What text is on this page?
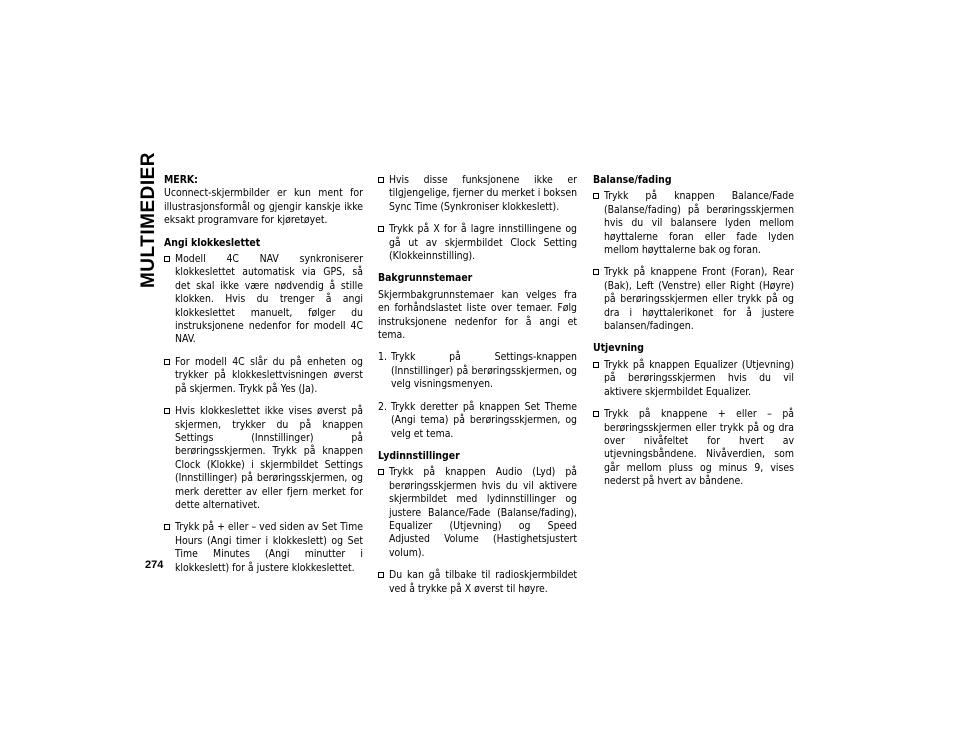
MULTIMEDIER MERK:

Uconnect-skjermbilder er kun ment for illustrasjonsformål og gjengir kanskje ikke eksakt programvare for kjøretøyet.

Angi klokkeslettet

Modell 4C NAV synkroniserer klokkeslettet automatisk via GPS, så det skal ikke være nødvendig å stille klokken. Hvis du trenger å angi klokkeslettet manuelt, følger du instruksjonene nedenfor for modell 4C NAV.
For modell 4C slår du på enheten og trykker på klokkeslettvisningen øverst på skjermen. Trykk på Yes (Ja).
Hvis klokkeslettet ikke vises øverst på skjermen, trykker du på knappen Settings (Innstillinger) på berøringsskjermen. Trykk på knappen Clock (Klokke) i skjermbildet Settings (Innstillinger) på berøringsskjermen, og merk deretter av eller fjern merket for dette alternativet.
Trykk på + eller – ved siden av Set Time Hours (Angi timer i klokkeslett) og Set Time Minutes (Angi minutter i klokkeslett) for å justere klokkeslettet.
Hvis disse funksjonene ikke er tilgjengelige, fjerner du merket i boksen Sync Time (Synkroniser klokkeslett).
Trykk på X for å lagre innstillingene og gå ut av skjermbildet Clock Setting (Klokkeinnstilling).

Bakgrunnstemaer

Skjermbakgrunnstemaer kan velges fra en forhåndslastet liste over temaer. Følg instruksjonene nedenfor for å angi et tema.

1. Trykk på Settings-knappen (Innstillinger) på berøringsskjermen, og velg visningsmenyen.
2. Trykk deretter på knappen Set Theme (Angi tema) på berøringsskjermen, og velg et tema.

Lydinnstillinger

Trykk på knappen Audio (Lyd) på berøringsskjermen hvis du vil aktivere skjermbildet med lydinnstillinger og justere Balance/Fade (Balanse/fading), Equalizer (Utjevning) og Speed Adjusted Volume (Hastighetsjustert volum).
Du kan gå tilbake til radioskjermbildet ved å trykke på X øverst til høyre.

Balanse/fading

Trykk på knappen Balance/Fade (Balanse/fading) på berøringsskjermen hvis du vil balansere lyden mellom høyttalerne foran eller fade lyden mellom høyttalerne bak og foran.
Trykk på knappene Front (Foran), Rear (Bak), Left (Venstre) eller Right (Høyre) på berøringsskjermen eller trykk på og dra i høyttalerikonet for å justere balansen/fadingen.

Utjevning

Trykk på knappen Equalizer (Utjevning) på berøringsskjermen hvis du vil aktivere skjermbildet Equalizer.
Trykk på knappene + eller – på berøringsskjermen eller trykk på og dra over nivåfeltet for hvert av utjevningsbåndene. Nivåverdien, som går mellom pluss og minus 9, vises nederst på hvert av båndene.
274
